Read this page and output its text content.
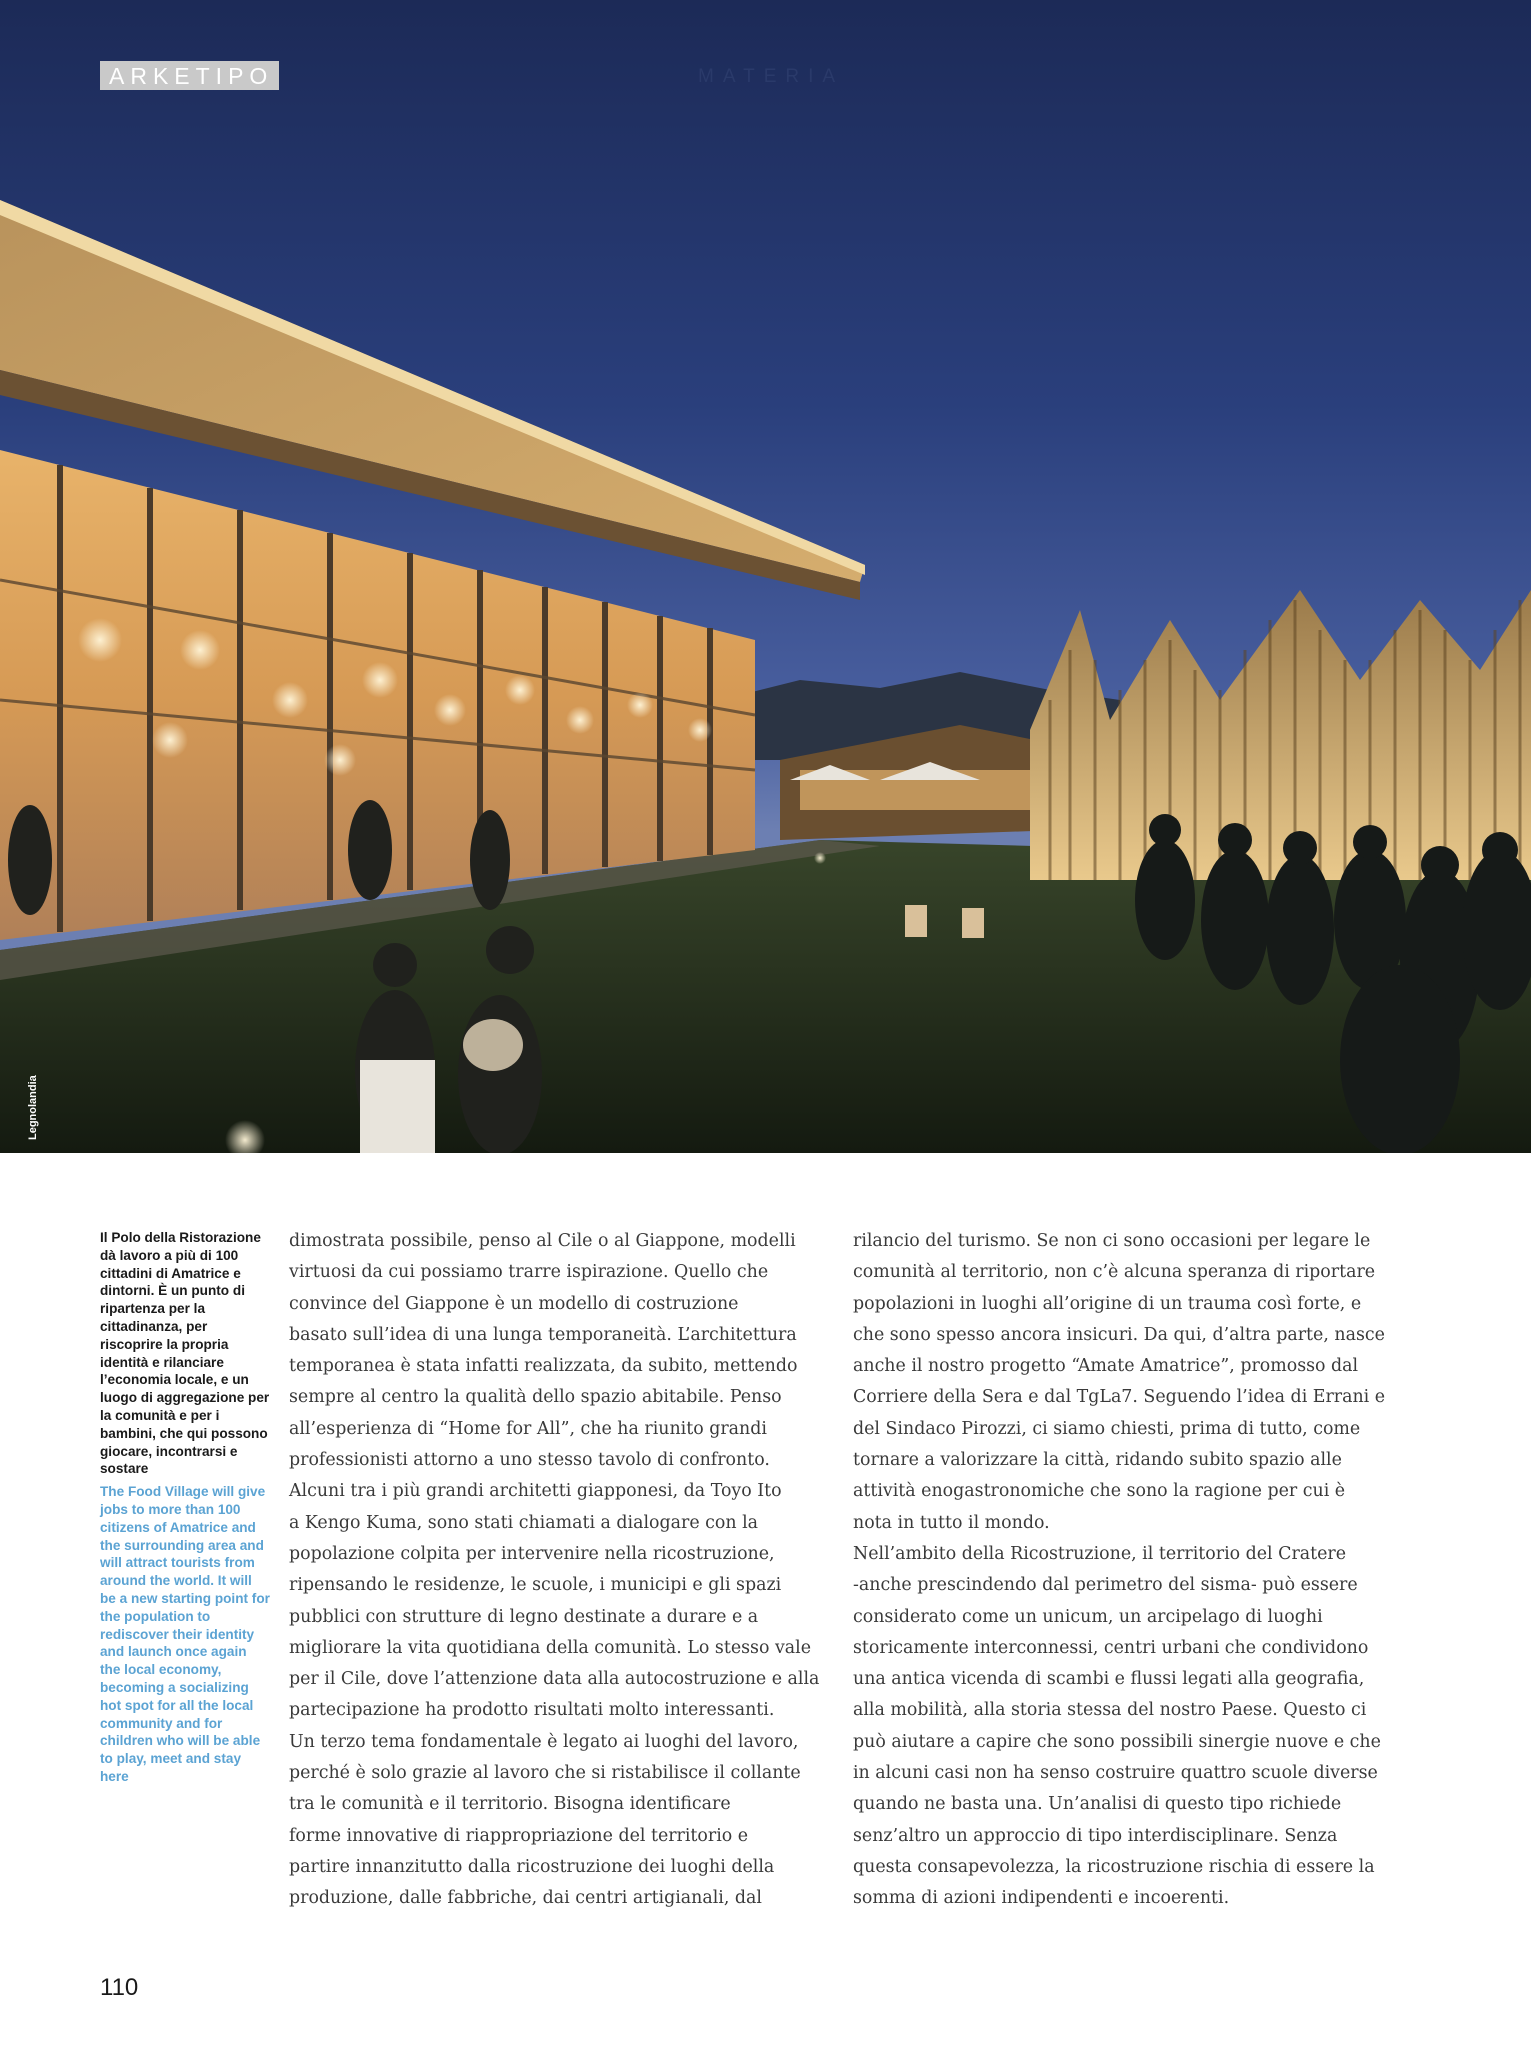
ARKETIPO	MATERIA
Legnolandia

Il Polo della Ristorazione dà lavoro a più di 100 cittadini di Amatrice e dintorni. È un punto di ripartenza per la cittadinanza, per riscoprire la propria identità e rilanciare l’economia locale, e un luogo di aggregazione per la comunità e per i bambini, che qui possono giocare, incontrarsi e sostare

The Food Village will give jobs to more than 100 citizens of Amatrice and the surrounding area and will attract tourists from around the world. It will be a new starting point for the population to rediscover their identity and launch once again the local economy, becoming a socializing hot spot for all the local community and for children who will be able to play, meet and stay here

dimostrata possibile, penso al Cile o al Giappone, modelli
virtuosi da cui possiamo trarre ispirazione. Quello che
convince del Giappone è un modello di costruzione
basato sull’idea di una lunga temporaneità. L’architettura
temporanea è stata infatti realizzata, da subito, mettendo
sempre al centro la qualità dello spazio abitabile. Penso
all’esperienza di “Home for All”, che ha riunito grandi
professionisti attorno a uno stesso tavolo di confronto.
Alcuni tra i più grandi architetti giapponesi, da Toyo Ito
a Kengo Kuma, sono stati chiamati a dialogare con la
popolazione colpita per intervenire nella ricostruzione,
ripensando le residenze, le scuole, i municipi e gli spazi
pubblici con strutture di legno destinate a durare e a
migliorare la vita quotidiana della comunità. Lo stesso vale
per il Cile, dove l’attenzione data alla autocostruzione e alla
partecipazione ha prodotto risultati molto interessanti.
Un terzo tema fondamentale è legato ai luoghi del lavoro,
perché è solo grazie al lavoro che si ristabilisce il collante
tra le comunità e il territorio. Bisogna identificare
forme innovative di riappropriazione del territorio e
partire innanzitutto dalla ricostruzione dei luoghi della
produzione, dalle fabbriche, dai centri artigianali, dal
rilancio del turismo. Se non ci sono occasioni per legare le
comunità al territorio, non c’è alcuna speranza di riportare
popolazioni in luoghi all’origine di un trauma così forte, e
che sono spesso ancora insicuri. Da qui, d’altra parte, nasce
anche il nostro progetto “Amate Amatrice”, promosso dal
Corriere della Sera e dal TgLa7. Seguendo l’idea di Errani e
del Sindaco Pirozzi, ci siamo chiesti, prima di tutto, come
tornare a valorizzare la città, ridando subito spazio alle
attività enogastronomiche che sono la ragione per cui è
nota in tutto il mondo.
Nell’ambito della Ricostruzione, il territorio del Cratere
-anche prescindendo dal perimetro del sisma- può essere
considerato come un unicum, un arcipelago di luoghi
storicamente interconnessi, centri urbani che condividono
una antica vicenda di scambi e flussi legati alla geografia,
alla mobilità, alla storia stessa del nostro Paese. Questo ci
può aiutare a capire che sono possibili sinergie nuove e che
in alcuni casi non ha senso costruire quattro scuole diverse
quando ne basta una. Un’analisi di questo tipo richiede
senz’altro un approccio di tipo interdisciplinare. Senza
questa consapevolezza, la ricostruzione rischia di essere la
somma di azioni indipendenti e incoerenti.
110
